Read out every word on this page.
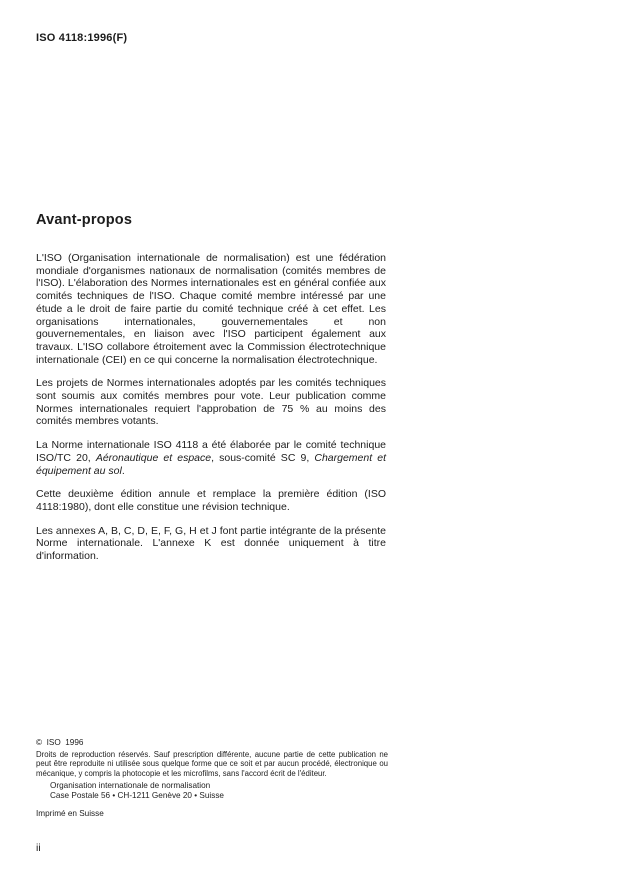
ISO 4118:1996(F)
Avant-propos

L'ISO (Organisation internationale de normalisation) est une fédération mondiale d'organismes nationaux de normalisation (comités membres de l'ISO). L'élaboration des Normes internationales est en général confiée aux comités techniques de l'ISO. Chaque comité membre intéressé par une étude a le droit de faire partie du comité technique créé à cet effet. Les organisations internationales, gouvernementales et non gouvernementales, en liaison avec l'ISO participent également aux travaux. L'ISO collabore étroitement avec la Commission électrotechnique internationale (CEI) en ce qui concerne la normalisation électrotechnique.

Les projets de Normes internationales adoptés par les comités techniques sont soumis aux comités membres pour vote. Leur publication comme Normes internationales requiert l'approbation de 75 % au moins des comités membres votants.

La Norme internationale ISO 4118 a été élaborée par le comité technique ISO/TC 20, Aéronautique et espace, sous-comité SC 9, Chargement et équipement au sol.

Cette deuxième édition annule et remplace la première édition (ISO 4118:1980), dont elle constitue une révision technique.

Les annexes A, B, C, D, E, F, G, H et J font partie intégrante de la présente Norme internationale. L'annexe K est donnée uniquement à titre d'information.

©  ISO  1996
Droits de reproduction réservés. Sauf prescription différente, aucune partie de cette publication ne peut être reproduite ni utilisée sous quelque forme que ce soit et par aucun procédé, électronique ou mécanique, y compris la photocopie et les microfilms, sans l'accord écrit de l'éditeur.
Organisation internationale de normalisation
Case Postale 56 • CH-1211 Genève 20 • Suisse
Imprimé en Suisse
ii
